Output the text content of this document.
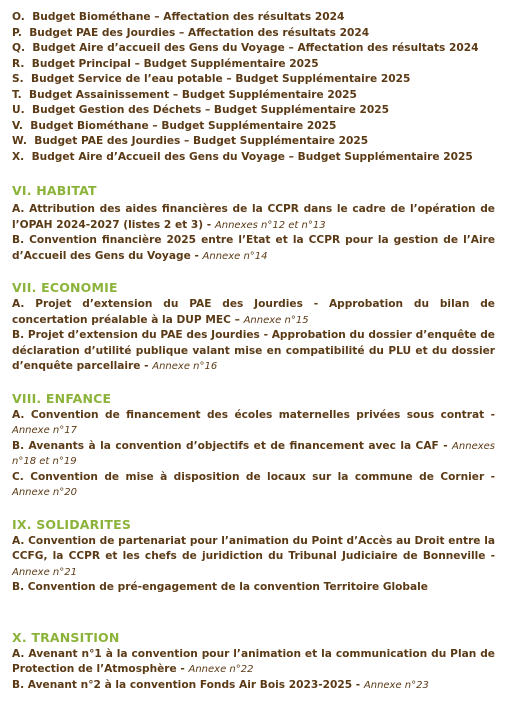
O. Budget Biométhane – Affectation des résultats 2024
P. Budget PAE des Jourdies – Affectation des résultats 2024
Q. Budget Aire d’accueil des Gens du Voyage – Affectation des résultats 2024
R. Budget Principal – Budget Supplémentaire 2025
S. Budget Service de l’eau potable – Budget Supplémentaire 2025
T. Budget Assainissement – Budget Supplémentaire 2025
U. Budget Gestion des Déchets – Budget Supplémentaire 2025
V. Budget Biométhane – Budget Supplémentaire 2025
W. Budget PAE des Jourdies – Budget Supplémentaire 2025
X. Budget Aire d’Accueil des Gens du Voyage – Budget Supplémentaire 2025
VI. HABITAT
A. Attribution des aides financières de la CCPR dans le cadre de l’opération de l’OPAH 2024-2027 (listes 2 et 3) - Annexes n°12 et n°13
B. Convention financière 2025 entre l’Etat et la CCPR pour la gestion de l’Aire d’Accueil des Gens du Voyage - Annexe n°14
VII. ECONOMIE
A. Projet d’extension du PAE des Jourdies - Approbation du bilan de concertation préalable à la DUP MEC – Annexe n°15
B. Projet d’extension du PAE des Jourdies - Approbation du dossier d’enquête de déclaration d’utilité publique valant mise en compatibilité du PLU et du dossier d’enquête parcellaire - Annexe n°16
VIII. ENFANCE
A. Convention de financement des écoles maternelles privées sous contrat - Annexe n°17
B. Avenants à la convention d’objectifs et de financement avec la CAF - Annexes n°18 et n°19
C. Convention de mise à disposition de locaux sur la commune de Cornier - Annexe n°20
IX. SOLIDARITES
A. Convention de partenariat pour l’animation du Point d’Accès au Droit entre la CCFG, la CCPR et les chefs de juridiction du Tribunal Judiciaire de Bonneville - Annexe n°21
B. Convention de pré-engagement de la convention Territoire Globale
X. TRANSITION
A. Avenant n°1 à la convention pour l’animation et la communication du Plan de Protection de l’Atmosphère - Annexe n°22
B. Avenant n°2 à la convention Fonds Air Bois 2023-2025 - Annexe n°23
